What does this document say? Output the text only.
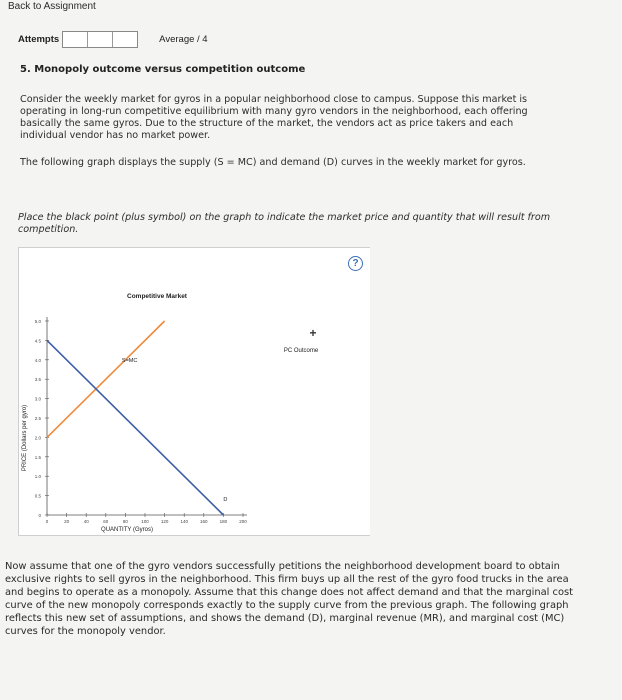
Back to Assignment
Attempts	Average / 4
5. Monopoly outcome versus competition outcome
Consider the weekly market for gyros in a popular neighborhood close to campus. Suppose this market is operating in long-run competitive equilibrium with many gyro vendors in the neighborhood, each offering basically the same gyros. Due to the structure of the market, the vendors act as price takers and each individual vendor has no market power.
The following graph displays the supply (S = MC) and demand (D) curves in the weekly market for gyros.
Place the black point (plus symbol) on the graph to indicate the market price and quantity that will result from competition.
Competitive Market
0
0.5
1.0
1.5
2.0
2.5
3.0
3.5
4.0
4.5
5.0
0	20	40	60	80	100	120	140	160	180	200
S=MC
D
QUANTITY (Gyros)
PRICE (Dollars per gyro)
+
PC Outcome
?
Now assume that one of the gyro vendors successfully petitions the neighborhood development board to obtain exclusive rights to sell gyros in the neighborhood. This firm buys up all the rest of the gyro food trucks in the area and begins to operate as a monopoly. Assume that this change does not affect demand and that the marginal cost curve of the new monopoly corresponds exactly to the supply curve from the previous graph. The following graph reflects this new set of assumptions, and shows the demand (D), marginal revenue (MR), and marginal cost (MC) curves for the monopoly vendor.
